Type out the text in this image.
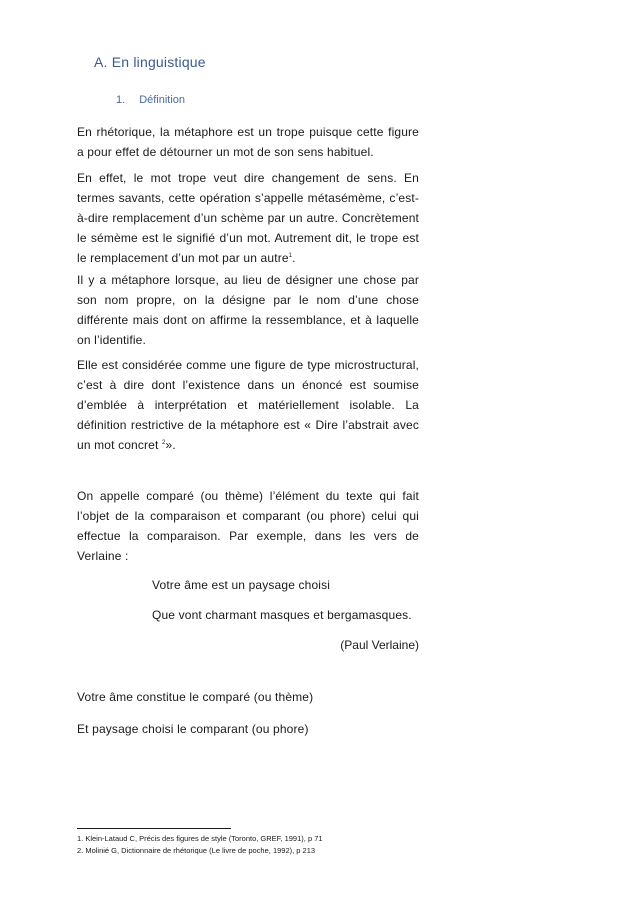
A. En linguistique
1. Définition

En rhétorique, la métaphore est un trope puisque cette figure a pour effet de détourner un mot de son sens habituel.

En effet, le mot trope veut dire changement de sens. En termes savants, cette opération s’appelle métasémème, c’est-à-dire remplacement d’un schème par un autre. Concrètement le sémème est le signifié d’un mot. Autrement dit, le trope est le remplacement d’un mot par un autre$^1$.

Il y a métaphore lorsque, au lieu de désigner une chose par son nom propre, on la désigne par le nom d’une chose différente mais dont on affirme la ressemblance, et à laquelle on l’identifie.

Elle est considérée comme une figure de type microstructural, c’est à dire dont l’existence dans un énoncé est soumise d’emblée à interprétation et matériellement isolable. La définition restrictive de la métaphore est « Dire l’abstrait avec un mot concret $^2$».

On appelle comparé (ou thème) l’élément du texte qui fait l’objet de la comparaison et comparant (ou phore) celui qui effectue la comparaison. Par exemple, dans les vers de Verlaine :

Votre âme est un paysage choisi
Que vont charmant masques et bergamasques.
(Paul Verlaine)
Votre âme constitue le comparé (ou thème)
Et paysage choisi le comparant (ou phore)
1. Klein-Lataud C, Précis des figures de style (Toronto, GREF, 1991), p 71
2. Molinié G, Dictionnaire de rhétorique (Le livre de poche, 1992), p 213
